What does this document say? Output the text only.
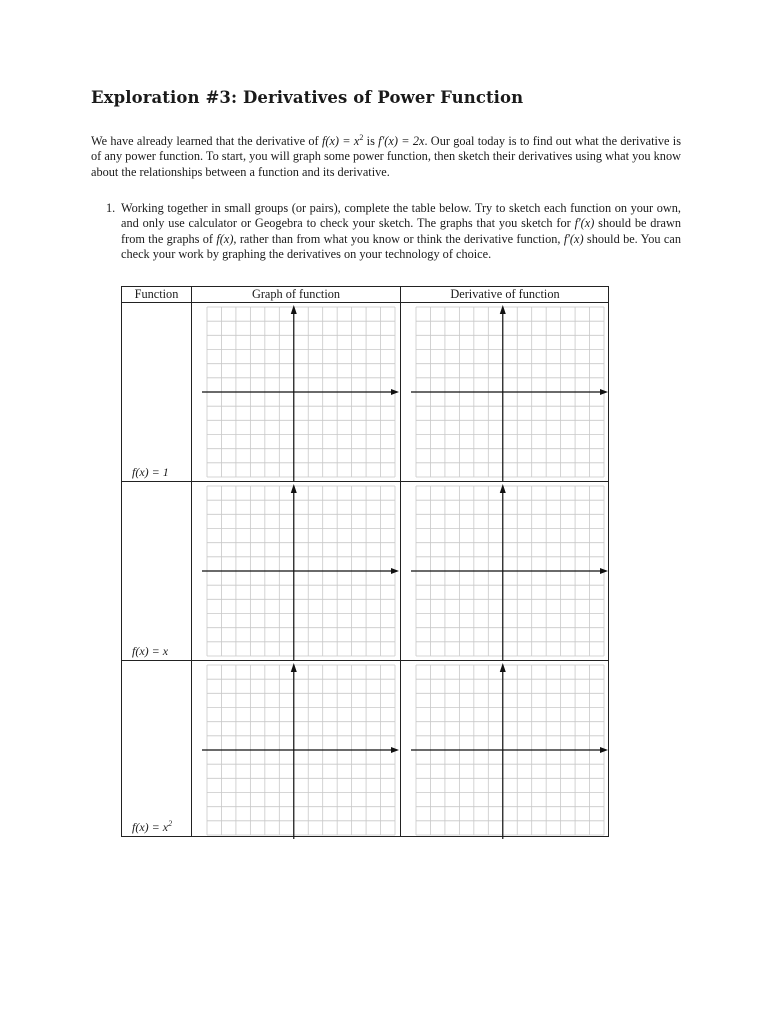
Exploration #3: Derivatives of Power Function
We have already learned that the derivative of $f(x) = x^2$ is f′(x) = 2x. Our goal today is to find out what the derivative is of any power function. To start, you will graph some power function, then sketch their derivatives using what you know about the relationships between a function and its derivative.
1. Working together in small groups (or pairs), complete the table below. Try to sketch each function on your own, and only use calculator or Geogebra to check your sketch. The graphs that you sketch for f′(x) should be drawn from the graphs of f(x), rather than from what you know or think the derivative function, f′(x) should be. You can check your work by graphing the derivatives on your technology of choice.
Function	Graph of function	Derivative of function
f(x) = 1
f(x) = x
$f(x) = x^2$
